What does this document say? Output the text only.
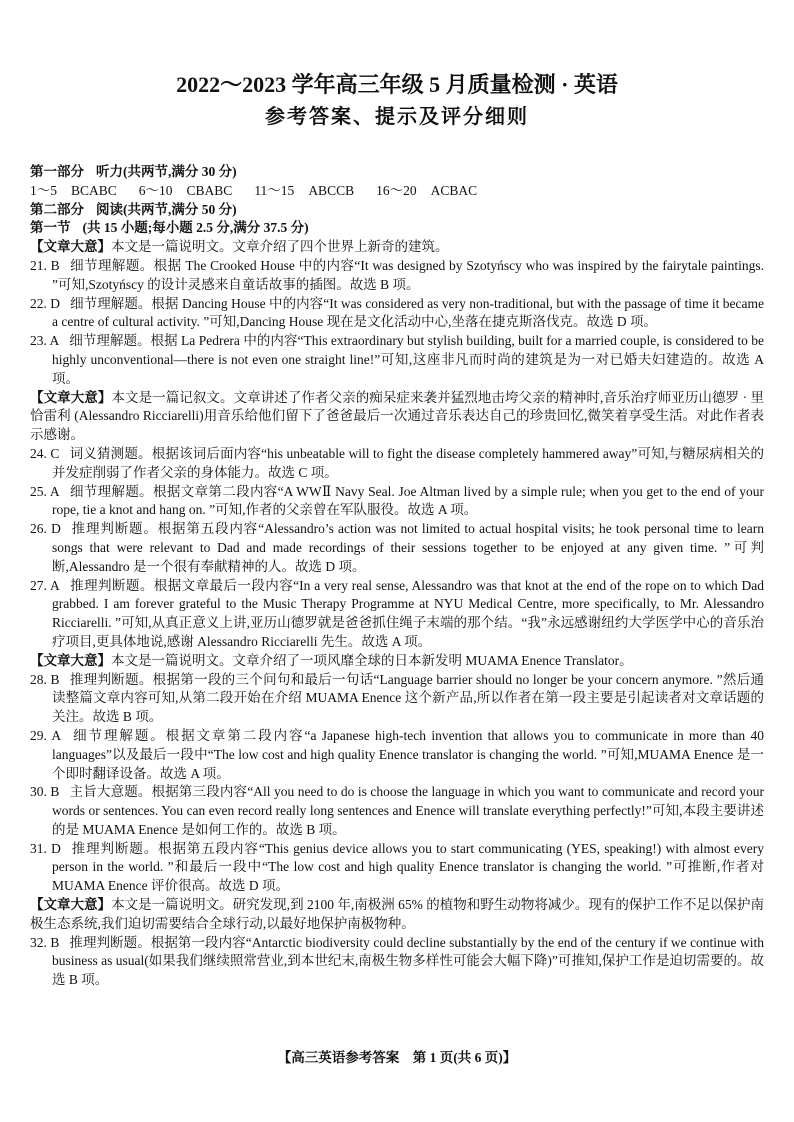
2022～2023 学年高三年级 5 月质量检测 · 英语
参考答案、提示及评分细则
第一部分 听力(共两节,满分 30 分)
1～5 BCABC 6～10 CBABC 11～15 ABCCB 16～20 ACBAC
第二部分 阅读(共两节,满分 50 分)
第一节 (共 15 小题;每小题 2.5 分,满分 37.5 分)
【文章大意】本文是一篇说明文。文章介绍了四个世界上新奇的建筑。
21. B 细节理解题。根据 The Crooked House 中的内容“It was designed by Szotyńscy who was inspired by the fairytale paintings. ”可知,Szotyńscy 的设计灵感来自童话故事的插图。故选 B 项。
22. D 细节理解题。根据 Dancing House 中的内容“It was considered as very non-traditional, but with the passage of time it became a centre of cultural activity. ”可知,Dancing House 现在是文化活动中心,坐落在捷克斯洛伐克。故选 D 项。
23. A 细节理解题。根据 La Pedrera 中的内容“This extraordinary but stylish building, built for a married couple, is considered to be highly unconventional—there is not even one straight line!”可知,这座非凡而时尚的建筑是为一对已婚夫妇建造的。故选 A 项。
【文章大意】本文是一篇记叙文。文章讲述了作者父亲的痴呆症来袭并猛烈地击垮父亲的精神时,音乐治疗师亚历山德罗 · 里恰雷利 (Alessandro Ricciarelli)用音乐给他们留下了爸爸最后一次通过音乐表达自己的珍贵回忆,微笑着享受生活。对此作者表示感谢。
24. C 词义猜测题。根据该词后面内容“his unbeatable will to fight the disease completely hammered away”可知,与糖尿病相关的并发症削弱了作者父亲的身体能力。故选 C 项。
25. A 细节理解题。根据文章第二段内容“A WWⅡ Navy Seal. Joe Altman lived by a simple rule; when you get to the end of your rope, tie a knot and hang on. ”可知,作者的父亲曾在军队服役。故选 A 项。
26. D 推理判断题。根据第五段内容“Alessandro’s action was not limited to actual hospital visits; he took personal time to learn songs that were relevant to Dad and made recordings of their sessions together to be enjoyed at any given time. ”可判断,Alessandro 是一个很有奉献精神的人。故选 D 项。
27. A 推理判断题。根据文章最后一段内容“In a very real sense, Alessandro was that knot at the end of the rope on to which Dad grabbed. I am forever grateful to the Music Therapy Programme at NYU Medical Centre, more specifically, to Mr. Alessandro Ricciarelli. ”可知,从真正意义上讲,亚历山德罗就是爸爸抓住绳子末端的那个结。“我”永远感谢纽约大学医学中心的音乐治疗项目,更具体地说,感谢 Alessandro Ricciarelli 先生。故选 A 项。
【文章大意】本文是一篇说明文。文章介绍了一项风靡全球的日本新发明 MUAMA Enence Translator。
28. B 推理判断题。根据第一段的三个问句和最后一句话“Language barrier should no longer be your concern anymore. ”然后通读整篇文章内容可知,从第二段开始在介绍 MUAMA Enence 这个新产品,所以作者在第一段主要是引起读者对文章话题的关注。故选 B 项。
29. A 细节理解题。根据文章第二段内容“a Japanese high-tech invention that allows you to communicate in more than 40 languages”以及最后一段中“The low cost and high quality Enence translator is changing the world. ”可知,MUAMA Enence 是一个即时翻译设备。故选 A 项。
30. B 主旨大意题。根据第三段内容“All you need to do is choose the language in which you want to communicate and record your words or sentences. You can even record really long sentences and Enence will translate everything perfectly!”可知,本段主要讲述的是 MUAMA Enence 是如何工作的。故选 B 项。
31. D 推理判断题。根据第五段内容“This genius device allows you to start communicating (YES, speaking!) with almost every person in the world. ”和最后一段中“The low cost and high quality Enence translator is changing the world. ”可推断,作者对 MUAMA Enence 评价很高。故选 D 项。
【文章大意】本文是一篇说明文。研究发现,到 2100 年,南极洲 65% 的植物和野生动物将减少。现有的保护工作不足以保护南极生态系统,我们迫切需要结合全球行动,以最好地保护南极物种。
32. B 推理判断题。根据第一段内容“Antarctic biodiversity could decline substantially by the end of the century if we continue with business as usual(如果我们继续照常营业,到本世纪末,南极生物多样性可能会大幅下降)”可推知,保护工作是迫切需要的。故选 B 项。
【高三英语参考答案　第 1 页(共 6 页)】
